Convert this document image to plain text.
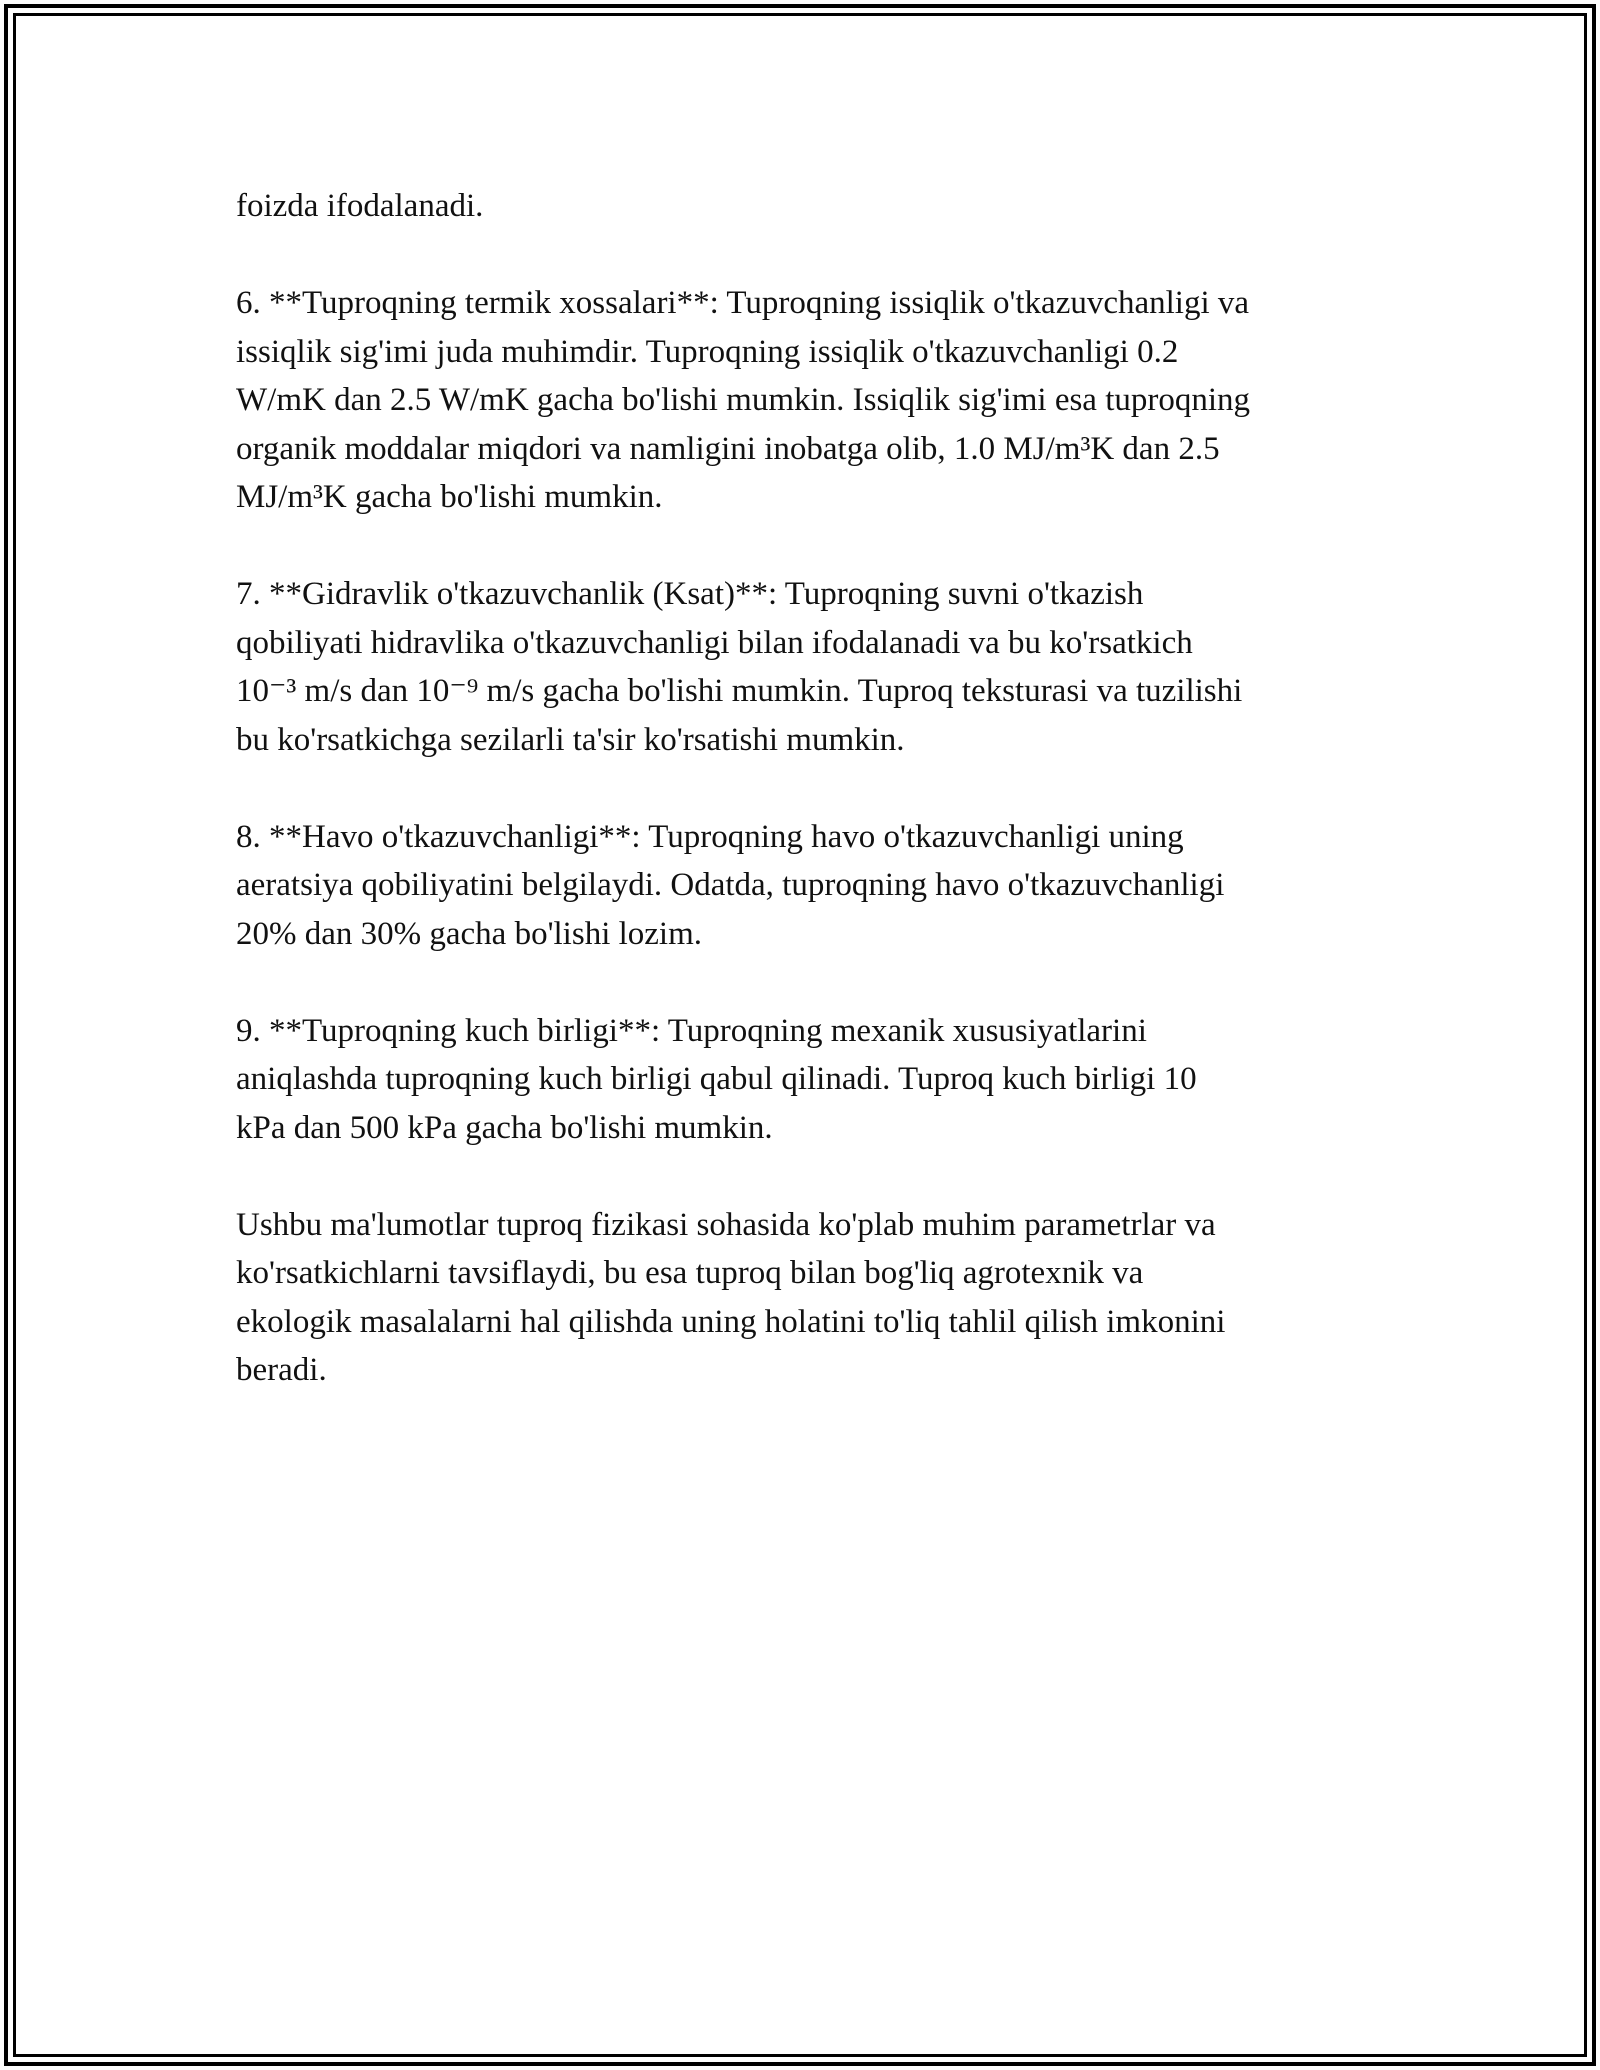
foizda ifodalanadi.

6. **Tuproqning termik xossalari**: Tuproqning issiqlik o'tkazuvchanligi va
issiqlik sig'imi juda muhimdir. Tuproqning issiqlik o'tkazuvchanligi 0.2
W/mK dan 2.5 W/mK gacha bo'lishi mumkin. Issiqlik sig'imi esa tuproqning
organik moddalar miqdori va namligini inobatga olib, 1.0 MJ/m³K dan 2.5
MJ/m³K gacha bo'lishi mumkin.

7. **Gidravlik o'tkazuvchanlik (Ksat)**: Tuproqning suvni o'tkazish
qobiliyati hidravlika o'tkazuvchanligi bilan ifodalanadi va bu ko'rsatkich
10⁻³ m/s dan 10⁻⁹ m/s gacha bo'lishi mumkin. Tuproq teksturasi va tuzilishi
bu ko'rsatkichga sezilarli ta'sir ko'rsatishi mumkin.

8. **Havo o'tkazuvchanligi**: Tuproqning havo o'tkazuvchanligi uning
aeratsiya qobiliyatini belgilaydi. Odatda, tuproqning havo o'tkazuvchanligi
20% dan 30% gacha bo'lishi lozim.

9. **Tuproqning kuch birligi**: Tuproqning mexanik xususiyatlarini
aniqlashda tuproqning kuch birligi qabul qilinadi. Tuproq kuch birligi 10
kPa dan 500 kPa gacha bo'lishi mumkin.

Ushbu ma'lumotlar tuproq fizikasi sohasida ko'plab muhim parametrlar va
ko'rsatkichlarni tavsiflaydi, bu esa tuproq bilan bog'liq agrotexnik va
ekologik masalalarni hal qilishda uning holatini to'liq tahlil qilish imkonini
beradi.
